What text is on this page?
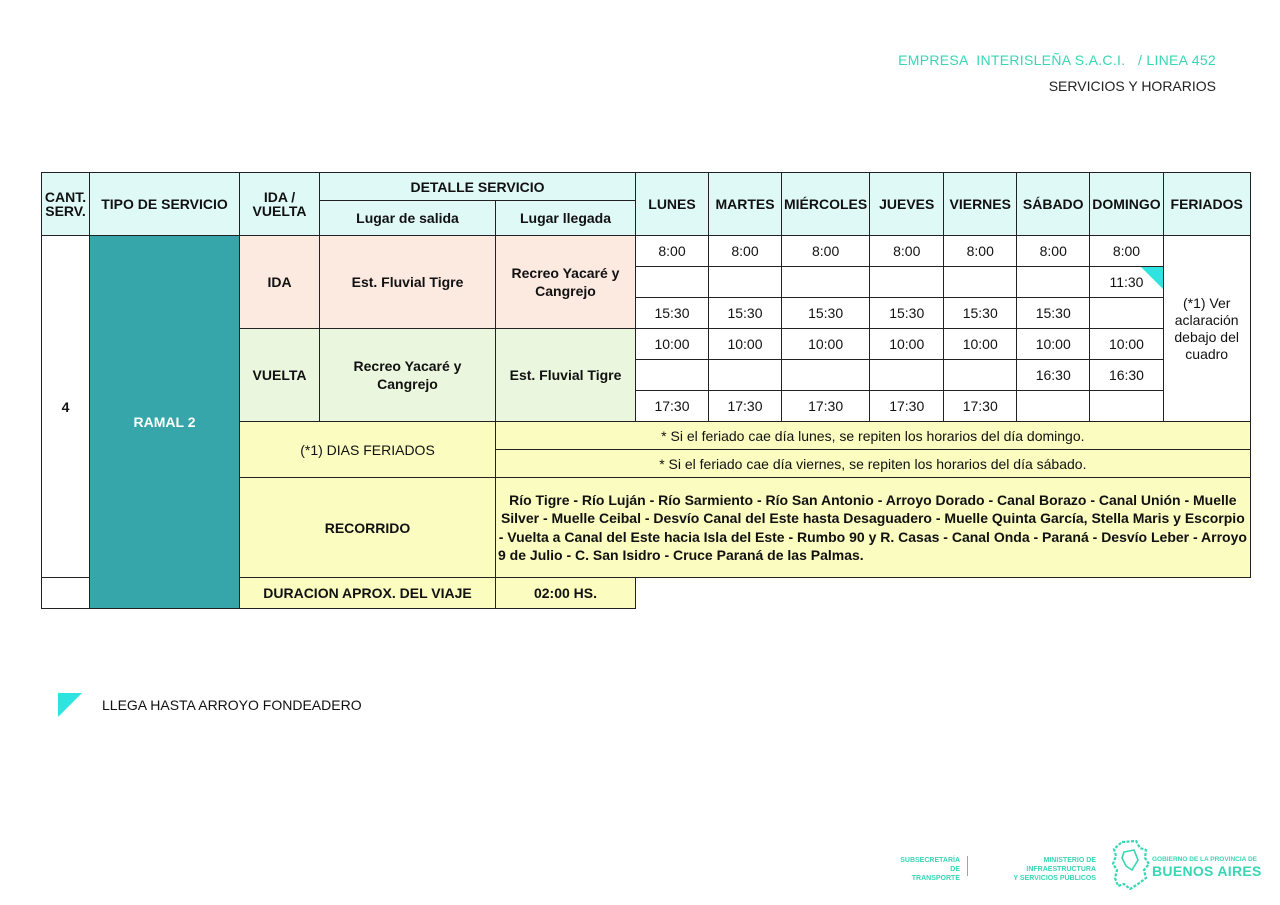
EMPRESA  INTERISLEÑA S.A.C.I.   / LINEA 452
SERVICIOS Y HORARIOS
CANT. SERV.	TIPO DE SERVICIO	IDA / VUELTA	DETALLE SERVICIO		LUNES	MARTES	MIÉRCOLES	JUEVES	VIERNES	SÁBADO	DOMINGO	FERIADOS
			Lugar de salida	Lugar llegada								
4	RAMAL 2	IDA	Est. Fluvial Tigre	Recreo Yacaré y Cangrejo	8:00	8:00	8:00	8:00	8:00	8:00	8:00	(*1) Ver aclaración debajo del cuadro
											11:30	

					15:30	15:30	15:30	15:30	15:30	15:30		
		VUELTA	Recreo Yacaré y Cangrejo	Est. Fluvial Tigre	10:00	10:00	10:00	10:00	10:00	10:00	10:00	
										16:30	16:30	
					17:30	17:30	17:30	17:30	17:30			
		(*1) DIAS FERIADOS		* Si el feriado cae día lunes, se repiten los horarios del día domingo.								
				* Si el feriado cae día viernes, se repiten los horarios del día sábado.								
		RECORRIDO		Río Tigre - Río Luján - Río Sarmiento - Río San Antonio - Arroyo Dorado - Canal Borazo - Canal Unión - Muelle Silver - Muelle Ceibal - Desvío Canal del Este hasta Desaguadero - Muelle Quinta García, Stella Maris y Escorpio - Vuelta a Canal del Este hacia Isla del Este - Rumbo 90 y R. Casas - Canal Onda - Paraná - Desvío Leber - Arroyo 9 de Julio - C. San Isidro - Cruce Paraná de las Palmas.								
		DURACION APROX. DEL VIAJE		02:00 HS.								
LLEGA HASTA ARROYO FONDEADERO
SUBSECRETARÍA DE
TRANSPORTE
MINISTERIO DE INFRAESTRUCTURA
Y SERVICIOS PÚBLICOS
GOBIERNO DE LA PROVINCIA DE
BUENOS AIRES
